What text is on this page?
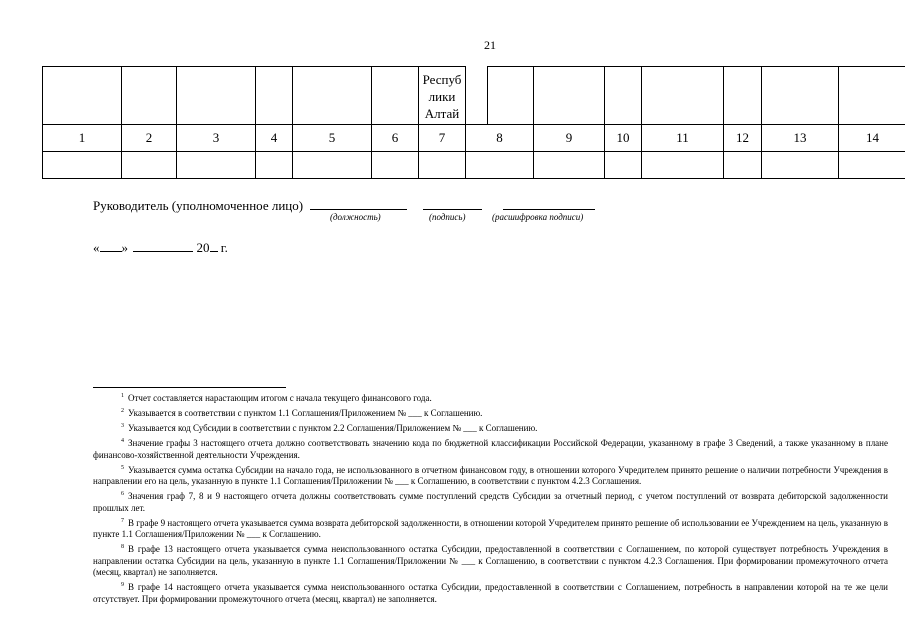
21
						Респуб
лики
Алтай								
1	2	3	4	5	6	7	8		9	10	11	12	13	14

Руководитель (уполномоченное лицо)
(должность)	(подпись)	(расшифровка подписи)
« »	20 г.

$^1$ Отчет составляется нарастающим итогом с начала текущего финансового года.

$^2$ Указывается в соответствии с пунктом 1.1 Соглашения/Приложением № ___ к Соглашению.

$^3$ Указывается код Субсидии в соответствии с пунктом 2.2 Соглашения/Приложением № ___ к Соглашению.

$^4$ Значение графы 3 настоящего отчета должно соответствовать значению кода по бюджетной классификации Российской Федерации, указанному в графе 3 Сведений, а также указанному в плане финансово-хозяйственной деятельности Учреждения.

$^5$ Указывается сумма остатка Субсидии на начало года, не использованного в отчетном финансовом году, в отношении которого Учредителем принято решение о наличии потребности Учреждения в направлении его на цель, указанную в пункте 1.1 Соглашения/Приложении № ___ к Соглашению, в соответствии с пунктом 4.2.3 Соглашения.

$^6$ Значения граф 7, 8 и 9 настоящего отчета должны соответствовать сумме поступлений средств Субсидии за отчетный период, с учетом поступлений от возврата дебиторской задолженности прошлых лет.

$^7$ В графе 9 настоящего отчета указывается сумма возврата дебиторской задолженности, в отношении которой Учредителем принято решение об использовании ее Учреждением на цель, указанную в пункте 1.1 Соглашения/Приложении № ___ к Соглашению.

$^8$ В графе 13 настоящего отчета указывается сумма неиспользованного остатка Субсидии, предоставленной в соответствии с Соглашением, по которой существует потребность Учреждения в направлении остатка Субсидии на цель, указанную в пункте 1.1 Соглашения/Приложении № ___ к Соглашению, в соответствии с пунктом 4.2.3 Соглашения. При формировании промежуточного отчета (месяц, квартал) не заполняется.

$^9$ В графе 14 настоящего отчета указывается сумма неиспользованного остатка Субсидии, предоставленной в соответствии с Соглашением, потребность в направлении которой на те же цели отсутствует. При формировании промежуточного отчета (месяц, квартал) не заполняется.
